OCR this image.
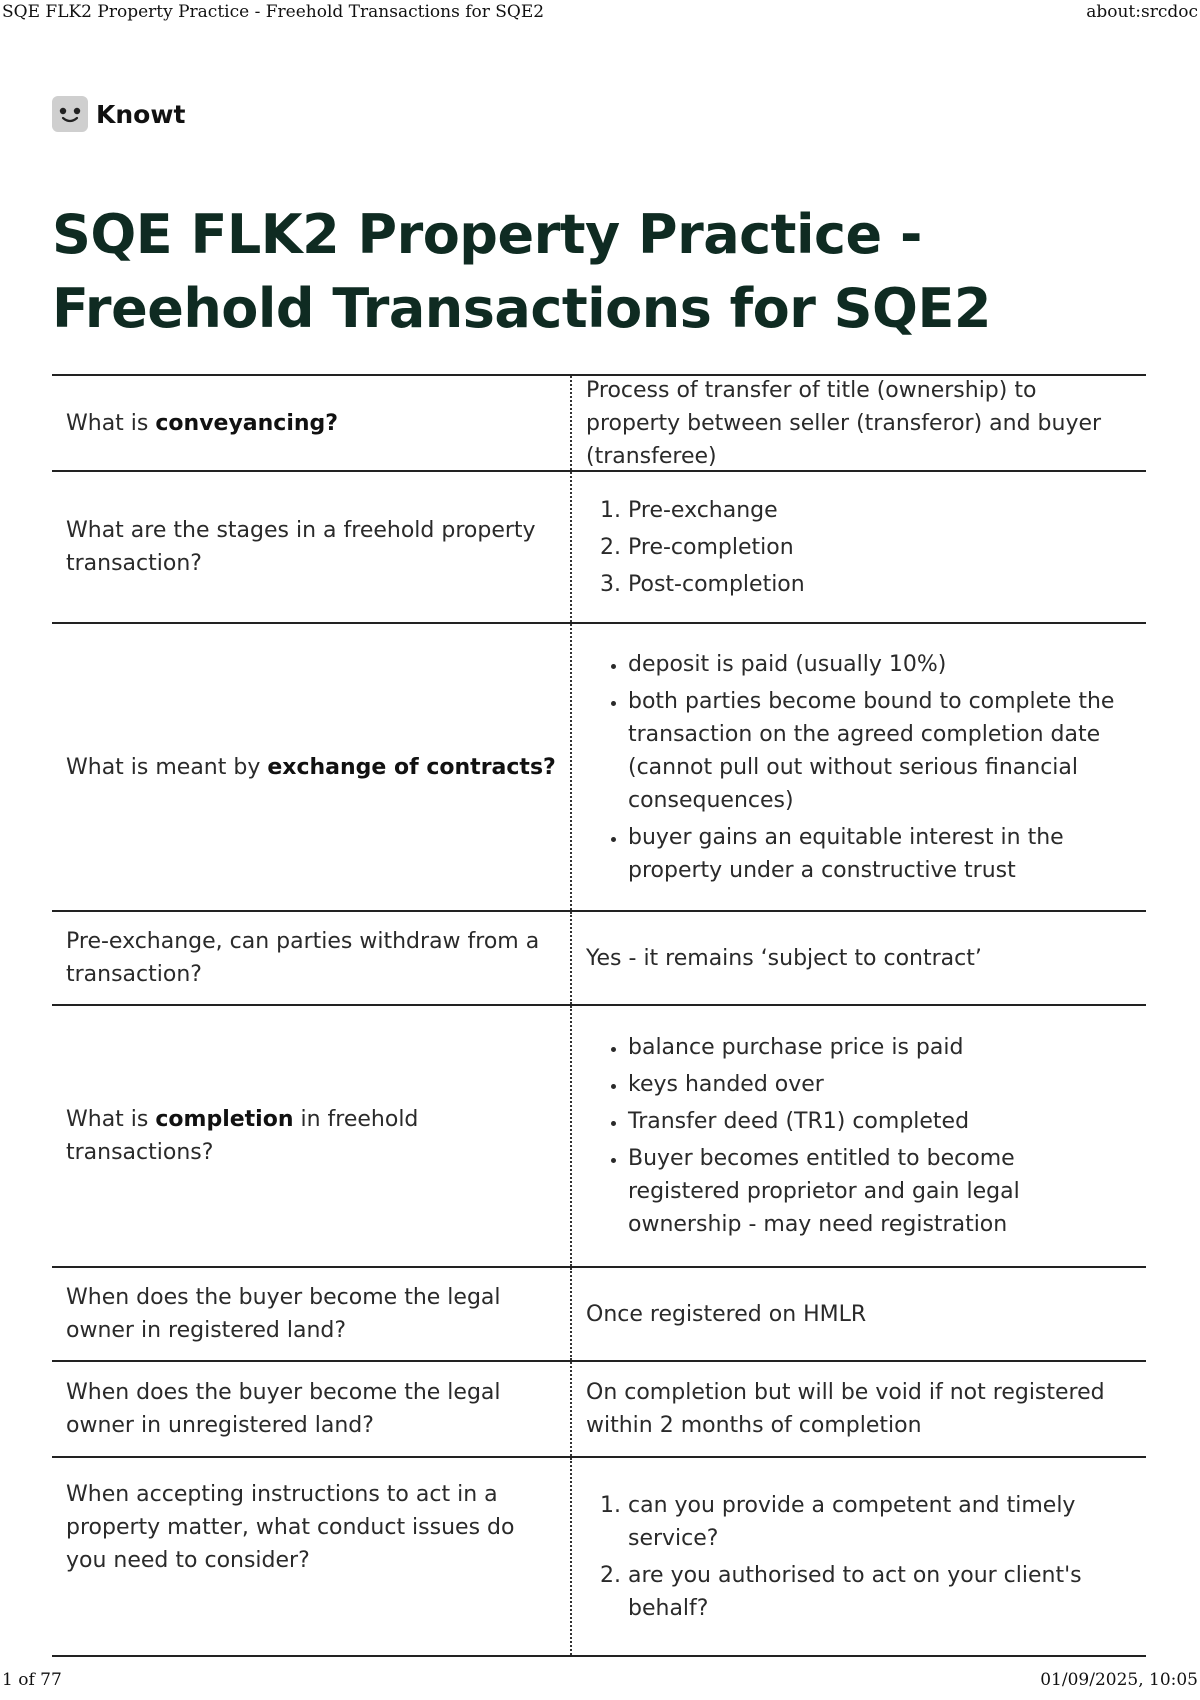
SQE FLK2 Property Practice - Freehold Transactions for SQE2	about:srcdoc
Knowt
SQE FLK2 Property Practice - Freehold Transactions for SQE2
What is conveyancing?
Process of transfer of title (ownership) to property between seller (transferor) and buyer (transferee)
What are the stages in a freehold property transaction?
1. Pre-exchange
2. Pre-completion
3. Post-completion
What is meant by exchange of contracts?
• deposit is paid (usually 10%)
• both parties become bound to complete the transaction on the agreed completion date (cannot pull out without serious financial consequences)
• buyer gains an equitable interest in the property under a constructive trust
Pre-exchange, can parties withdraw from a transaction?
Yes - it remains ‘subject to contract’
What is completion in freehold transactions?
• balance purchase price is paid
• keys handed over
• Transfer deed (TR1) completed
• Buyer becomes entitled to become registered proprietor and gain legal ownership - may need registration
When does the buyer become the legal owner in registered land?
Once registered on HMLR
When does the buyer become the legal owner in unregistered land?
On completion but will be void if not registered within 2 months of completion
When accepting instructions to act in a property matter, what conduct issues do you need to consider?
1. can you provide a competent and timely service?
2. are you authorised to act on your client's behalf?
1 of 77	01/09/2025, 10:05
